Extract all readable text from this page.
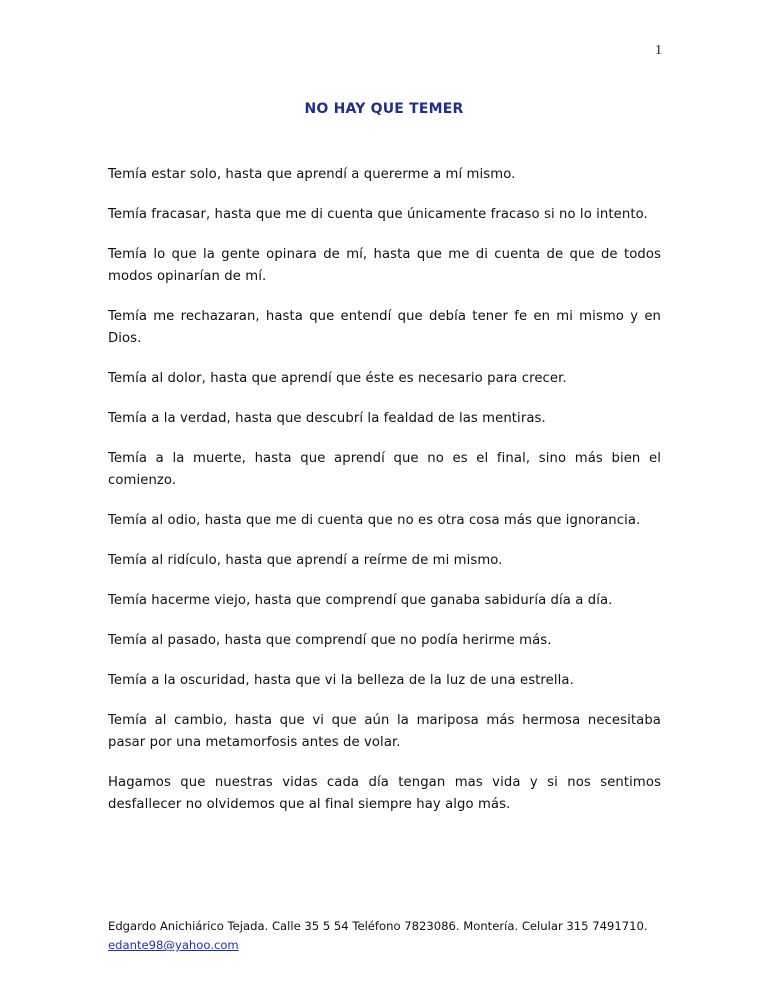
1
NO HAY QUE TEMER

Temía estar solo, hasta que aprendí a quererme a mí mismo.

Temía fracasar, hasta que me di cuenta que únicamente fracaso si no lo intento.

Temía lo que la gente opinara de mí, hasta que me di cuenta de que de todos modos opinarían de mí.

Temía me rechazaran, hasta que entendí que debía tener fe en mi mismo y en Dios.

Temía al dolor, hasta que aprendí que éste es necesario para crecer.

Temía a la verdad, hasta que descubrí la fealdad de las mentiras.

Temía a la muerte, hasta que aprendí que no es el final, sino más bien el comienzo.

Temía al odio, hasta que me di cuenta que no es otra cosa más que ignorancia.

Temía al ridículo, hasta que aprendí a reírme de mi mismo.

Temía hacerme viejo, hasta que comprendí que ganaba sabiduría día a día.

Temía al pasado, hasta que comprendí que no podía herirme más.

Temía a la oscuridad, hasta que vi la belleza de la luz de una estrella.

Temía al cambio, hasta que vi que aún la mariposa más hermosa necesitaba pasar por una metamorfosis antes de volar.

Hagamos que nuestras vidas cada día tengan mas vida y si nos sentimos desfallecer no olvidemos que al final siempre hay algo más.

Edgardo Anichiárico Tejada. Calle 35 5 54 Teléfono 7823086. Montería. Celular 315 7491710.
edante98@yahoo.com
